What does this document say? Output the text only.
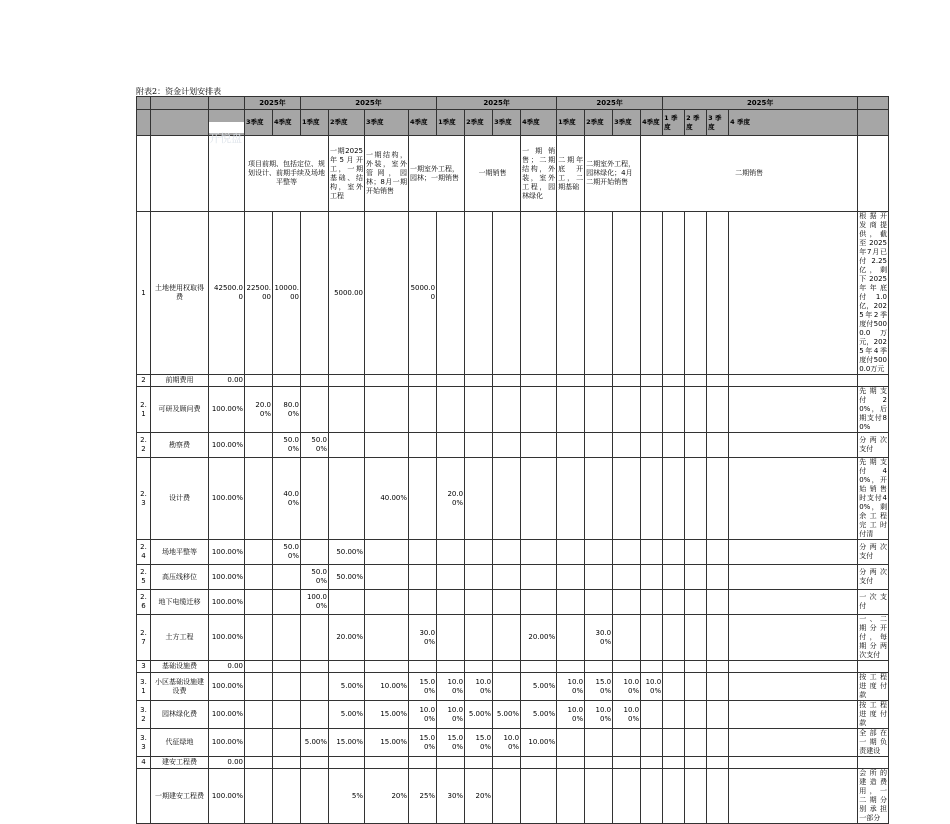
附表2：资金计划安排表
			2025年		2025年				2025年				2025年				2025年				

	3季度	4季度	1季度	2季度	3季度	4季度	1季度	2季度	3季度	4季度	1季度	2季度	3季度	4季度	1 季度	2 季度	3 季度	4 季度	

	开悦盘		项目前期、包括定位、规划设计、前期手续及场地平整等			一期2025年5月开工，一期基础、结构，室外工程	一期结构，外装，室外管网，园林；8月一期开始销售	一期室外工程，园林；一期销售		一期销售		一期销售；二期结构，外装，室外工程，园林绿化	二期年底开工，二期基础	二期室外工程，园林绿化；4月二期开始销售		二期销售					
1	土地使用权取得费	42500.00	22500.00	10000.00		5000.00		5000.00													根据开发商提供，截至2025年7月已付2.25亿，剩下2025年年底付1.0亿，2025年2季度付5000.0万元，2025年4季度付5000.0万元
2	前期费用	0.00																			
2.1	可研及顾问费	100.00%	20.00%	80.00%																	先期支付20%，后期支付80%
2.2	勘察费	100.00%		50.00%	50.00%																分两次支付
2.3	设计费	100.00%		40.00%			40.00%		20.00%												先期支付40%，开始销售时支付40%，剩余工程完工时付清
2.4	场地平整等	100.00%		50.00%		50.00%															分两次支付
2.5	高压线移位	100.00%			50.00%	50.00%															分两次支付
2.6	地下电缆迁移	100.00%			100.00%																一次支付
2.7	土方工程	100.00%				20.00%		30.00%				20.00%		30.00%							一、二期分开付，每期分两次支付
3	基础设施费	0.00																			
3.1	小区基础设施建设费	100.00%				5.00%	10.00%	15.00%	10.00%	10.00%		5.00%	10.00%	15.00%	10.00%	10.00%					按工程进度付款
3.2	园林绿化费	100.00%				5.00%	15.00%	10.00%	10.00%	5.00%	5.00%	5.00%	10.00%	10.00%	10.00%						按工程进度付款
3.3	代征绿地	100.00%			5.00%	15.00%	15.00%	15.00%	15.00%	15.00%	10.00%	10.00%									全部在一期负责建设
4	建安工程费	0.00																			
	一期建安工程费	100.00%				5%	20%	25%	30%	20%											会所的建造费用，一二期分别承担一部分
